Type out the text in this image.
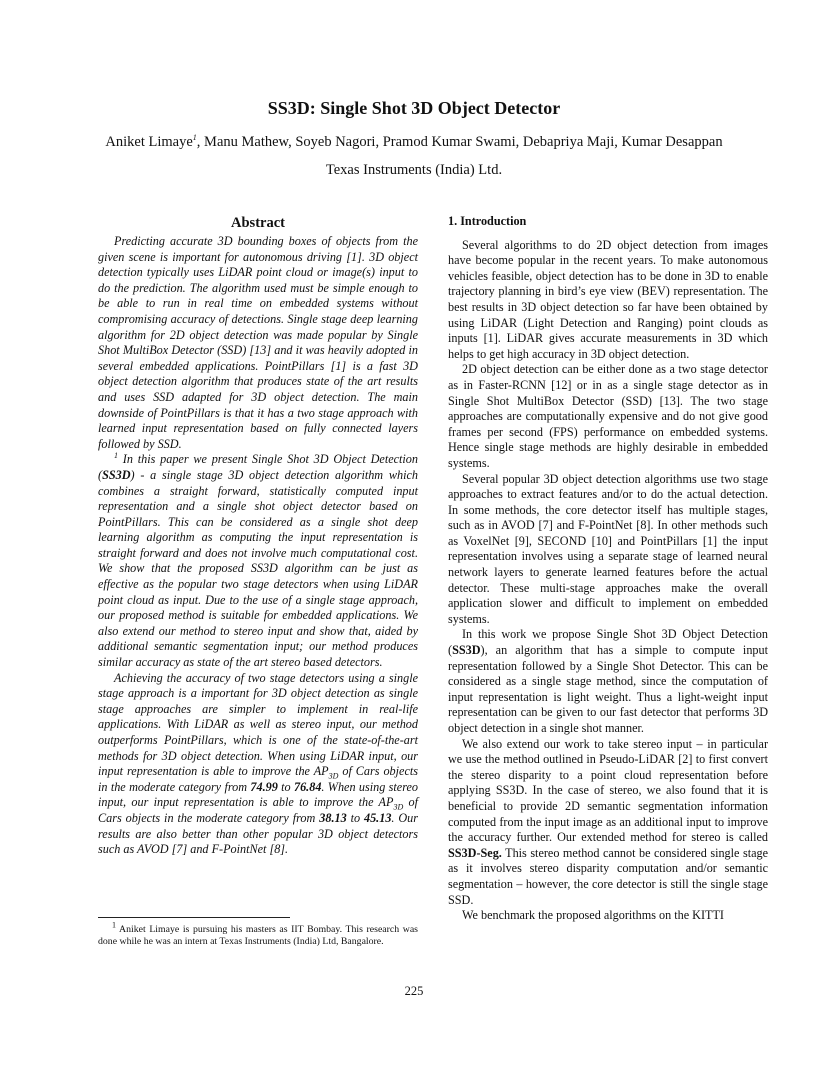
SS3D: Single Shot 3D Object Detector

Aniket Limaye$^1$, Manu Mathew, Soyeb Nagori, Pramod Kumar Swami, Debapriya Maji, Kumar Desappan

Texas Instruments (India) Ltd.

Abstract

Predicting accurate 3D bounding boxes of objects from the given scene is important for autonomous driving [1]. 3D object detection typically uses LiDAR point cloud or image(s) input to do the prediction. The algorithm used must be simple enough to be able to run in real time on embedded systems without compromising accuracy of detections. Single stage deep learning algorithm for 2D object detection was made popular by Single Shot MultiBox Detector (SSD) [13] and it was heavily adopted in several embedded applications. PointPillars [1] is a fast 3D object detection algorithm that produces state of the art results and uses SSD adapted for 3D object detection. The main downside of PointPillars is that it has a two stage approach with learned input representation based on fully connected layers followed by SSD.

$^1$ In this paper we present Single Shot 3D Object Detection (SS3D) - a single stage 3D object detection algorithm which combines a straight forward, statistically computed input representation and a single shot object detector based on PointPillars. This can be considered as a single shot deep learning algorithm as computing the input representation is straight forward and does not involve much computational cost. We show that the proposed SS3D algorithm can be just as effective as the popular two stage detectors when using LiDAR point cloud as input. Due to the use of a single stage approach, our proposed method is suitable for embedded applications. We also extend our method to stereo input and show that, aided by additional semantic segmentation input; our method produces similar accuracy as state of the art stereo based detectors.

Achieving the accuracy of two stage detectors using a single stage approach is a important for 3D object detection as single stage approaches are simpler to implement in real-life applications. With LiDAR as well as stereo input, our method outperforms PointPillars, which is one of the state-of-the-art methods for 3D object detection. When using LiDAR input, our input representation is able to improve the $AP_{3D}$ of Cars objects in the moderate category from 74.99 to 76.84. When using stereo input, our input representation is able to improve the $AP_{3D}$ of Cars objects in the moderate category from 38.13 to 45.13. Our results are also better than other popular 3D object detectors such as AVOD [7] and F-PointNet [8].

1. Introduction

Several algorithms to do 2D object detection from images have become popular in the recent years. To make autonomous vehicles feasible, object detection has to be done in 3D to enable trajectory planning in bird’s eye view (BEV) representation. The best results in 3D object detection so far have been obtained by using LiDAR (Light Detection and Ranging) point clouds as inputs [1]. LiDAR gives accurate measurements in 3D which helps to get high accuracy in 3D object detection.

2D object detection can be either done as a two stage detector as in Faster-RCNN [12] or in as a single stage detector as in Single Shot MultiBox Detector (SSD) [13]. The two stage approaches are computationally expensive and do not give good frames per second (FPS) performance on embedded systems. Hence single stage methods are highly desirable in embedded systems.

Several popular 3D object detection algorithms use two stage approaches to extract features and/or to do the actual detection. In some methods, the core detector itself has multiple stages, such as in AVOD [7] and F-PointNet [8]. In other methods such as VoxelNet [9], SECOND [10] and PointPillars [1] the input representation involves using a separate stage of learned neural network layers to generate learned features before the actual detector. These multi-stage approaches make the overall application slower and difficult to implement on embedded systems.

In this work we propose Single Shot 3D Object Detection (SS3D), an algorithm that has a simple to compute input representation followed by a Single Shot Detector. This can be considered as a single stage method, since the computation of input representation is light weight. Thus a light-weight input representation can be given to our fast detector that performs 3D object detection in a single shot manner.

We also extend our work to take stereo input – in particular we use the method outlined in Pseudo-LiDAR [2] to first convert the stereo disparity to a point cloud representation before applying SS3D. In the case of stereo, we also found that it is beneficial to provide 2D semantic segmentation information computed from the input image as an additional input to improve the accuracy further. Our extended method for stereo is called SS3D-Seg. This stereo method cannot be considered single stage as it involves stereo disparity computation and/or semantic segmentation – however, the core detector is still the single stage SSD.

We benchmark the proposed algorithms on the KITTI

$^1$ Aniket Limaye is pursuing his masters as IIT Bombay. This research was done while he was an intern at Texas Instruments (India) Ltd, Bangalore.
225
